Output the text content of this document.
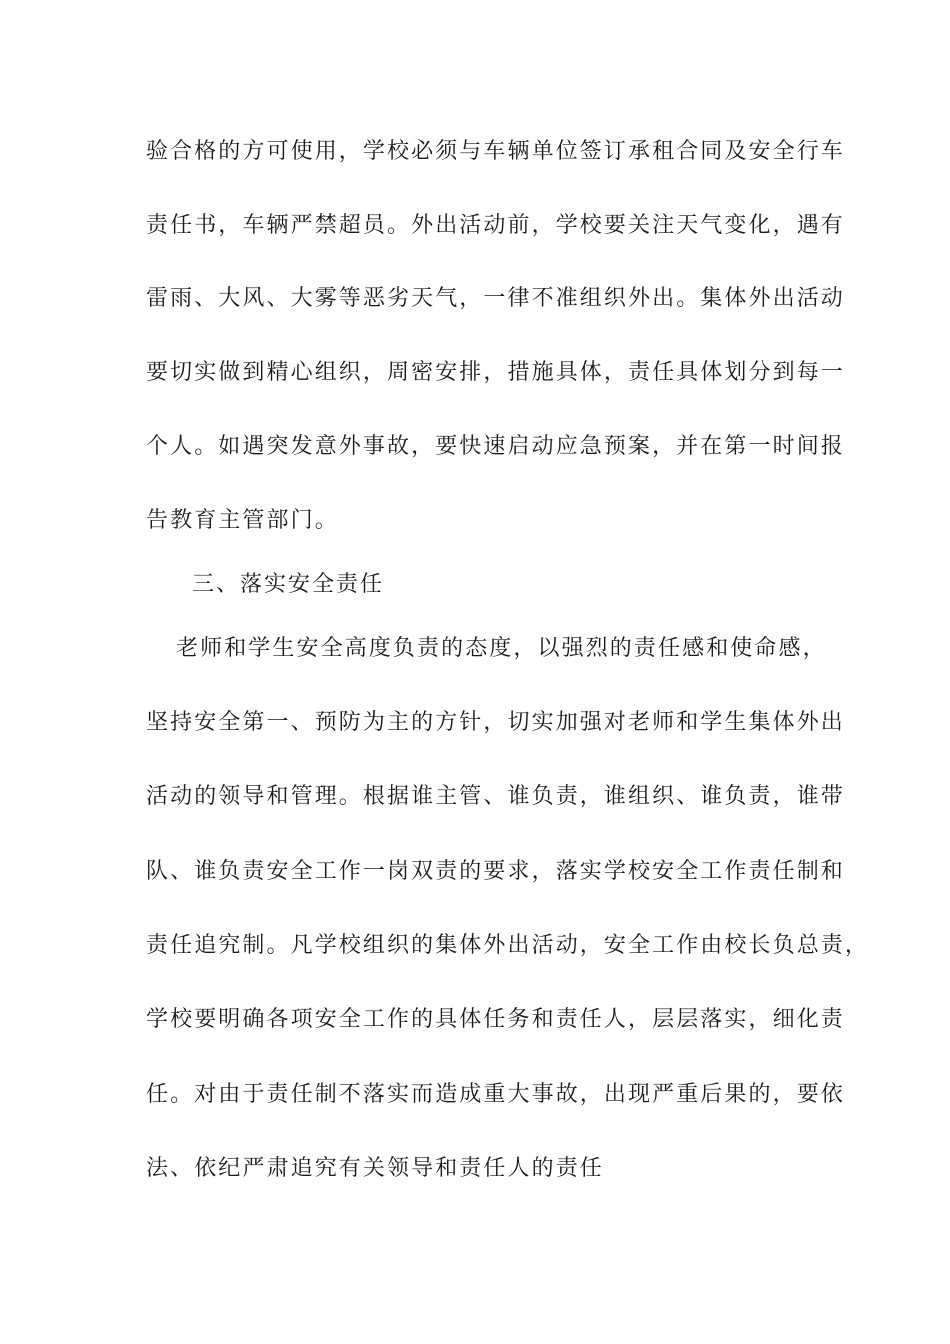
验合格的方可使用，学校必须与车辆单位签订承租合同及安全行车
责任书，车辆严禁超员。外出活动前，学校要关注天气变化，遇有
雷雨、大风、大雾等恶劣天气，一律不准组织外出。集体外出活动
要切实做到精心组织，周密安排，措施具体，责任具体划分到每一
个人。如遇突发意外事故，要快速启动应急预案，并在第一时间报
告教育主管部门。
三、落实安全责任
老师和学生安全高度负责的态度，以强烈的责任感和使命感，
坚持安全第一、预防为主的方针，切实加强对老师和学生集体外出
活动的领导和管理。根据谁主管、谁负责，谁组织、谁负责，谁带
队、谁负责安全工作一岗双责的要求，落实学校安全工作责任制和
责任追究制。凡学校组织的集体外出活动，安全工作由校长负总责，
学校要明确各项安全工作的具体任务和责任人，层层落实，细化责
任。对由于责任制不落实而造成重大事故，出现严重后果的，要依
法、依纪严肃追究有关领导和责任人的责任
